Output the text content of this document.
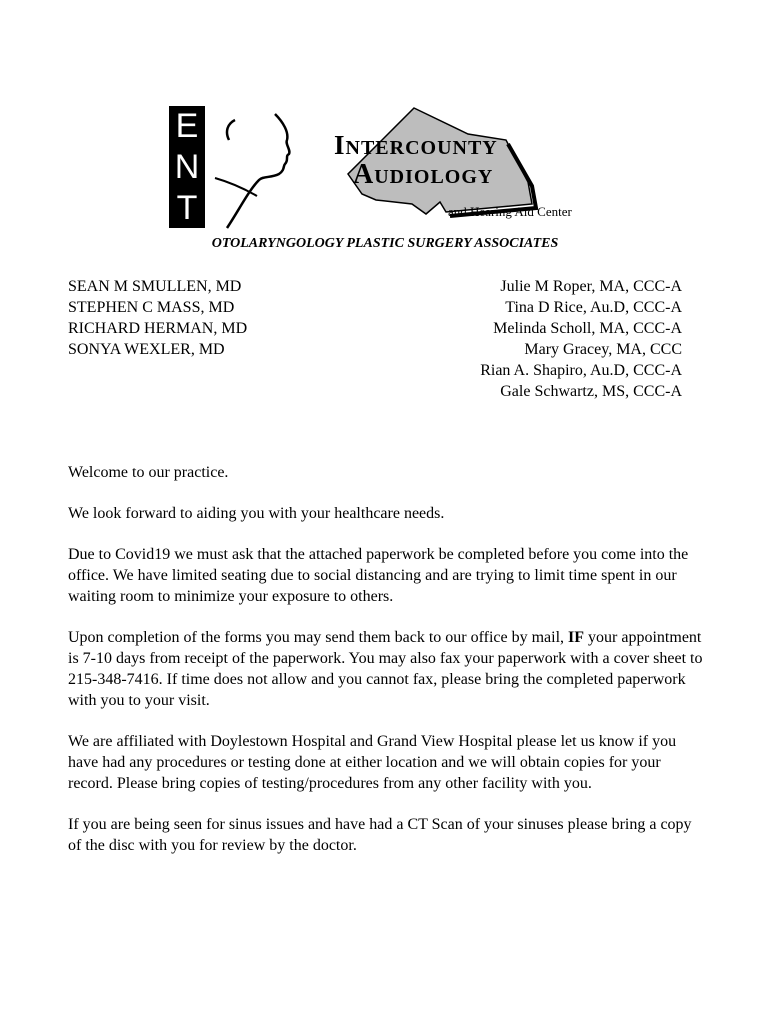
E
N
T
INTERCOUNTY
AUDIOLOGY
and Hearing Aid Center
OTOLARYNGOLOGY PLASTIC SURGERY ASSOCIATES
SEAN M SMULLEN, MD
STEPHEN C MASS, MD
RICHARD HERMAN, MD
SONYA WEXLER, MD
Julie M Roper, MA, CCC-A
Tina D Rice, Au.D, CCC-A
Melinda Scholl, MA, CCC-A
Mary Gracey, MA, CCC
Rian A. Shapiro, Au.D, CCC-A
Gale Schwartz, MS, CCC-A

Welcome to our practice.

We look forward to aiding you with your healthcare needs.

Due to Covid19 we must ask that the attached paperwork be completed before you come into the office. We have limited seating due to social distancing and are trying to limit time spent in our waiting room to minimize your exposure to others.

Upon completion of the forms you may send them back to our office by mail, IF your appointment is 7-10 days from receipt of the paperwork. You may also fax your paperwork with a cover sheet to 215-348-7416. If time does not allow and you cannot fax, please bring the completed paperwork with you to your visit.

We are affiliated with Doylestown Hospital and Grand View Hospital please let us know if you have had any procedures or testing done at either location and we will obtain copies for your record. Please bring copies of testing/procedures from any other facility with you.

If you are being seen for sinus issues and have had a CT Scan of your sinuses please bring a copy of the disc with you for review by the doctor.
